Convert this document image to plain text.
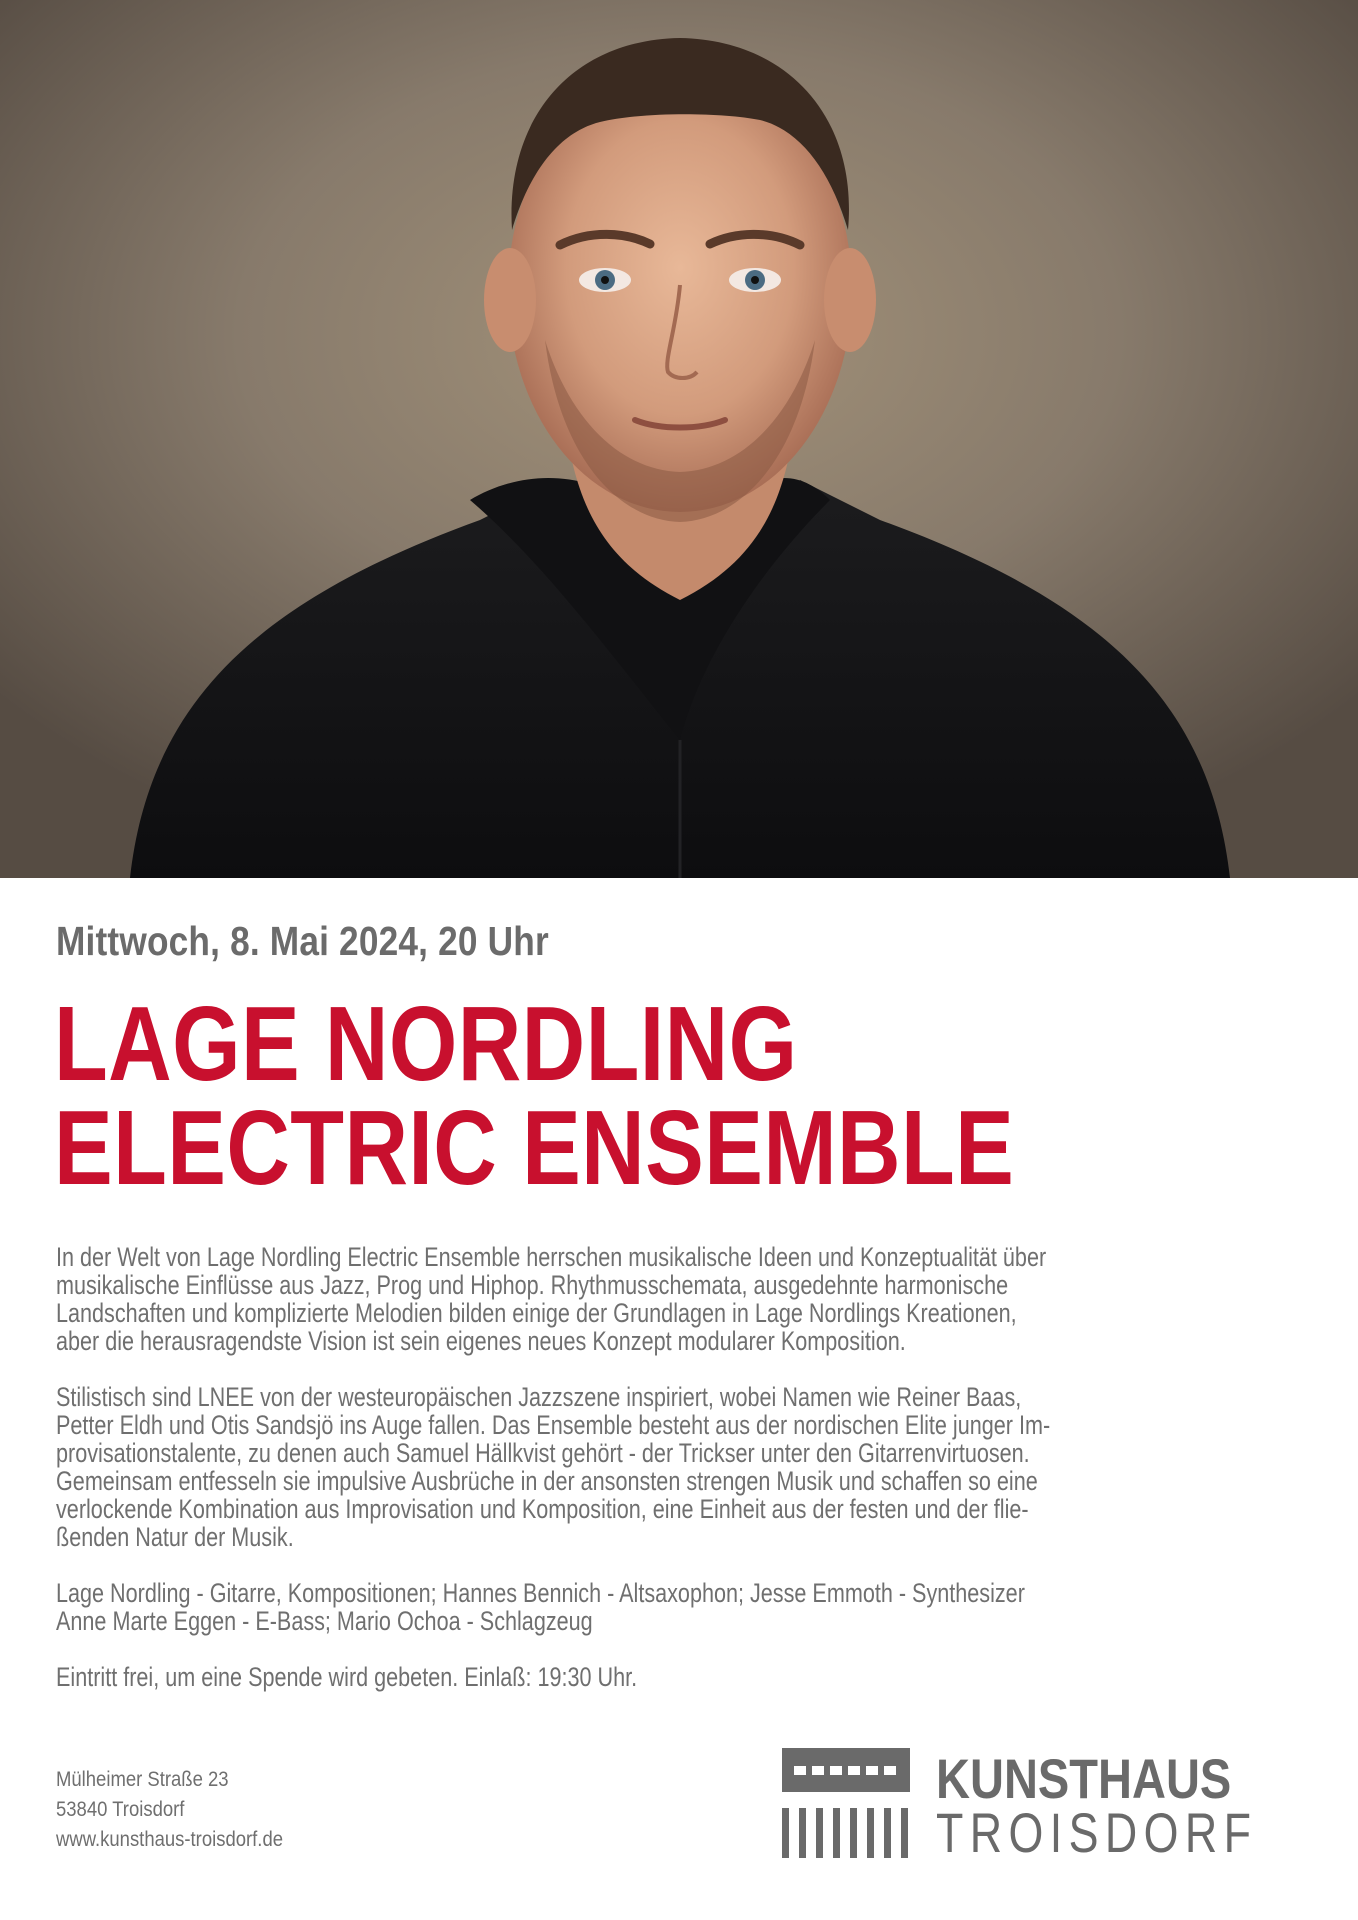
Mittwoch, 8. Mai 2024, 20 Uhr
LAGE NORDLING
ELECTRIC ENSEMBLE

In der Welt von Lage Nordling Electric Ensemble herrschen musikalische Ideen und Konzeptualität über
musikalische Einflüsse aus Jazz, Prog und Hiphop. Rhythmusschemata, ausgedehnte harmonische
Landschaften und komplizierte Melodien bilden einige der Grundlagen in Lage Nordlings Kreationen,
aber die herausragendste Vision ist sein eigenes neues Konzept modularer Komposition.

Stilistisch sind LNEE von der westeuropäischen Jazzszene inspiriert, wobei Namen wie Reiner Baas,
Petter Eldh und Otis Sandsjö ins Auge fallen. Das Ensemble besteht aus der nordischen Elite junger Im-
provisationstalente, zu denen auch Samuel Hällkvist gehört - der Trickser unter den Gitarrenvirtuosen.
Gemeinsam entfesseln sie impulsive Ausbrüche in der ansonsten strengen Musik und schaffen so eine
verlockende Kombination aus Improvisation und Komposition, eine Einheit aus der festen und der flie-
ßenden Natur der Musik.

Lage Nordling - Gitarre, Kompositionen; Hannes Bennich - Altsaxophon; Jesse Emmoth - Synthesizer
Anne Marte Eggen - E-Bass; Mario Ochoa - Schlagzeug

Eintritt frei, um eine Spende wird gebeten. Einlaß: 19:30 Uhr.

Mülheimer Straße 23
53840 Troisdorf
www.kunsthaus-troisdorf.de
KUNSTHAUS
TROISDORF
